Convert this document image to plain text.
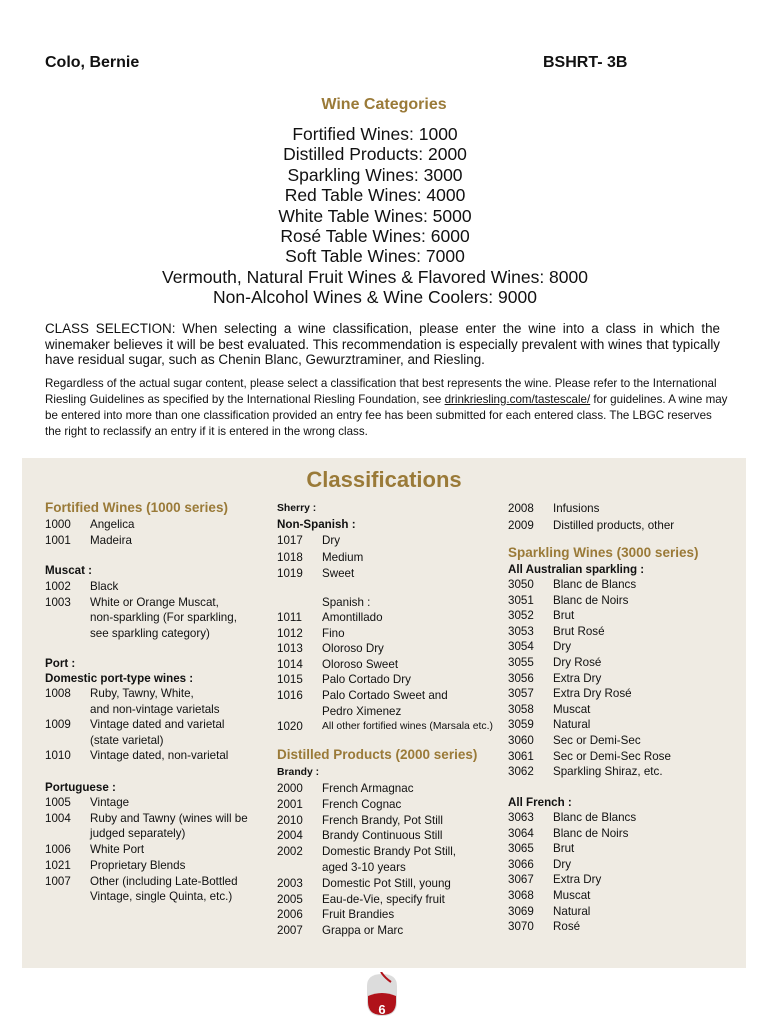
Colo, Bernie	BSHRT- 3B
Wine Categories
Fortified Wines: 1000
Distilled Products: 2000
Sparkling Wines: 3000
Red Table Wines: 4000
White Table Wines: 5000
Rosé Table Wines: 6000
Soft Table Wines: 7000
Vermouth, Natural Fruit Wines & Flavored Wines: 8000
Non-Alcohol Wines & Wine Coolers: 9000
CLASS SELECTION: When selecting a wine classification, please enter the wine into a class in which the winemaker believes it will be best evaluated. This recommendation is especially prevalent with wines that typically have residual sugar, such as Chenin Blanc, Gewurztraminer, and Riesling.
Regardless of the actual sugar content, please select a classification that best represents the wine. Please refer to the International Riesling Guidelines as specified by the International Riesling Foundation, see drinkriesling.com/tastescale/ for guidelines. A wine may be entered into more than one classification provided an entry fee has been submitted for each entered class. The LBGC reserves the right to reclassify an entry if it is entered in the wrong class.
Classifications
Fortified Wines (1000 series)
1000 Angelica
1001 Madeira
Muscat :
1002 Black
1003 White or Orange Muscat,
non-sparkling (For sparkling,
see sparkling category)
Port :
Domestic port-type wines :
1008 Ruby, Tawny, White,
and non-vintage varietals
1009 Vintage dated and varietal
(state varietal)
1010 Vintage dated, non-varietal
Portuguese :
1005 Vintage
1004 Ruby and Tawny (wines will be
judged separately)
1006 White Port
1021 Proprietary Blends
1007 Other (including Late-Bottled
Vintage, single Quinta, etc.)
Sherry :
Non-Spanish :
1017 Dry
1018 Medium
1019 Sweet
Spanish :
1011 Amontillado
1012 Fino
1013 Oloroso Dry
1014 Oloroso Sweet
1015 Palo Cortado Dry
1016 Palo Cortado Sweet and
Pedro Ximenez
1020 All other fortified wines (Marsala etc.)
Distilled Products (2000 series)
Brandy :
2000 French Armagnac
2001 French Cognac
2010 French Brandy, Pot Still
2004 Brandy Continuous Still
2002 Domestic Brandy Pot Still,
aged 3-10 years
2003 Domestic Pot Still, young
2005 Eau-de-Vie, specify fruit
2006 Fruit Brandies
2007 Grappa or Marc
2008 Infusions
2009 Distilled products, other
Sparkling Wines (3000 series)
All Australian sparkling :
3050 Blanc de Blancs
3051 Blanc de Noirs
3052 Brut
3053 Brut Rosé
3054 Dry
3055 Dry Rosé
3056 Extra Dry
3057 Extra Dry Rosé
3058 Muscat
3059 Natural
3060 Sec or Demi-Sec
3061 Sec or Demi-Sec Rose
3062 Sparkling Shiraz, etc.
All French :
3063 Blanc de Blancs
3064 Blanc de Noirs
3065 Brut
3066 Dry
3067 Extra Dry
3068 Muscat
3069 Natural
3070 Rosé
6
